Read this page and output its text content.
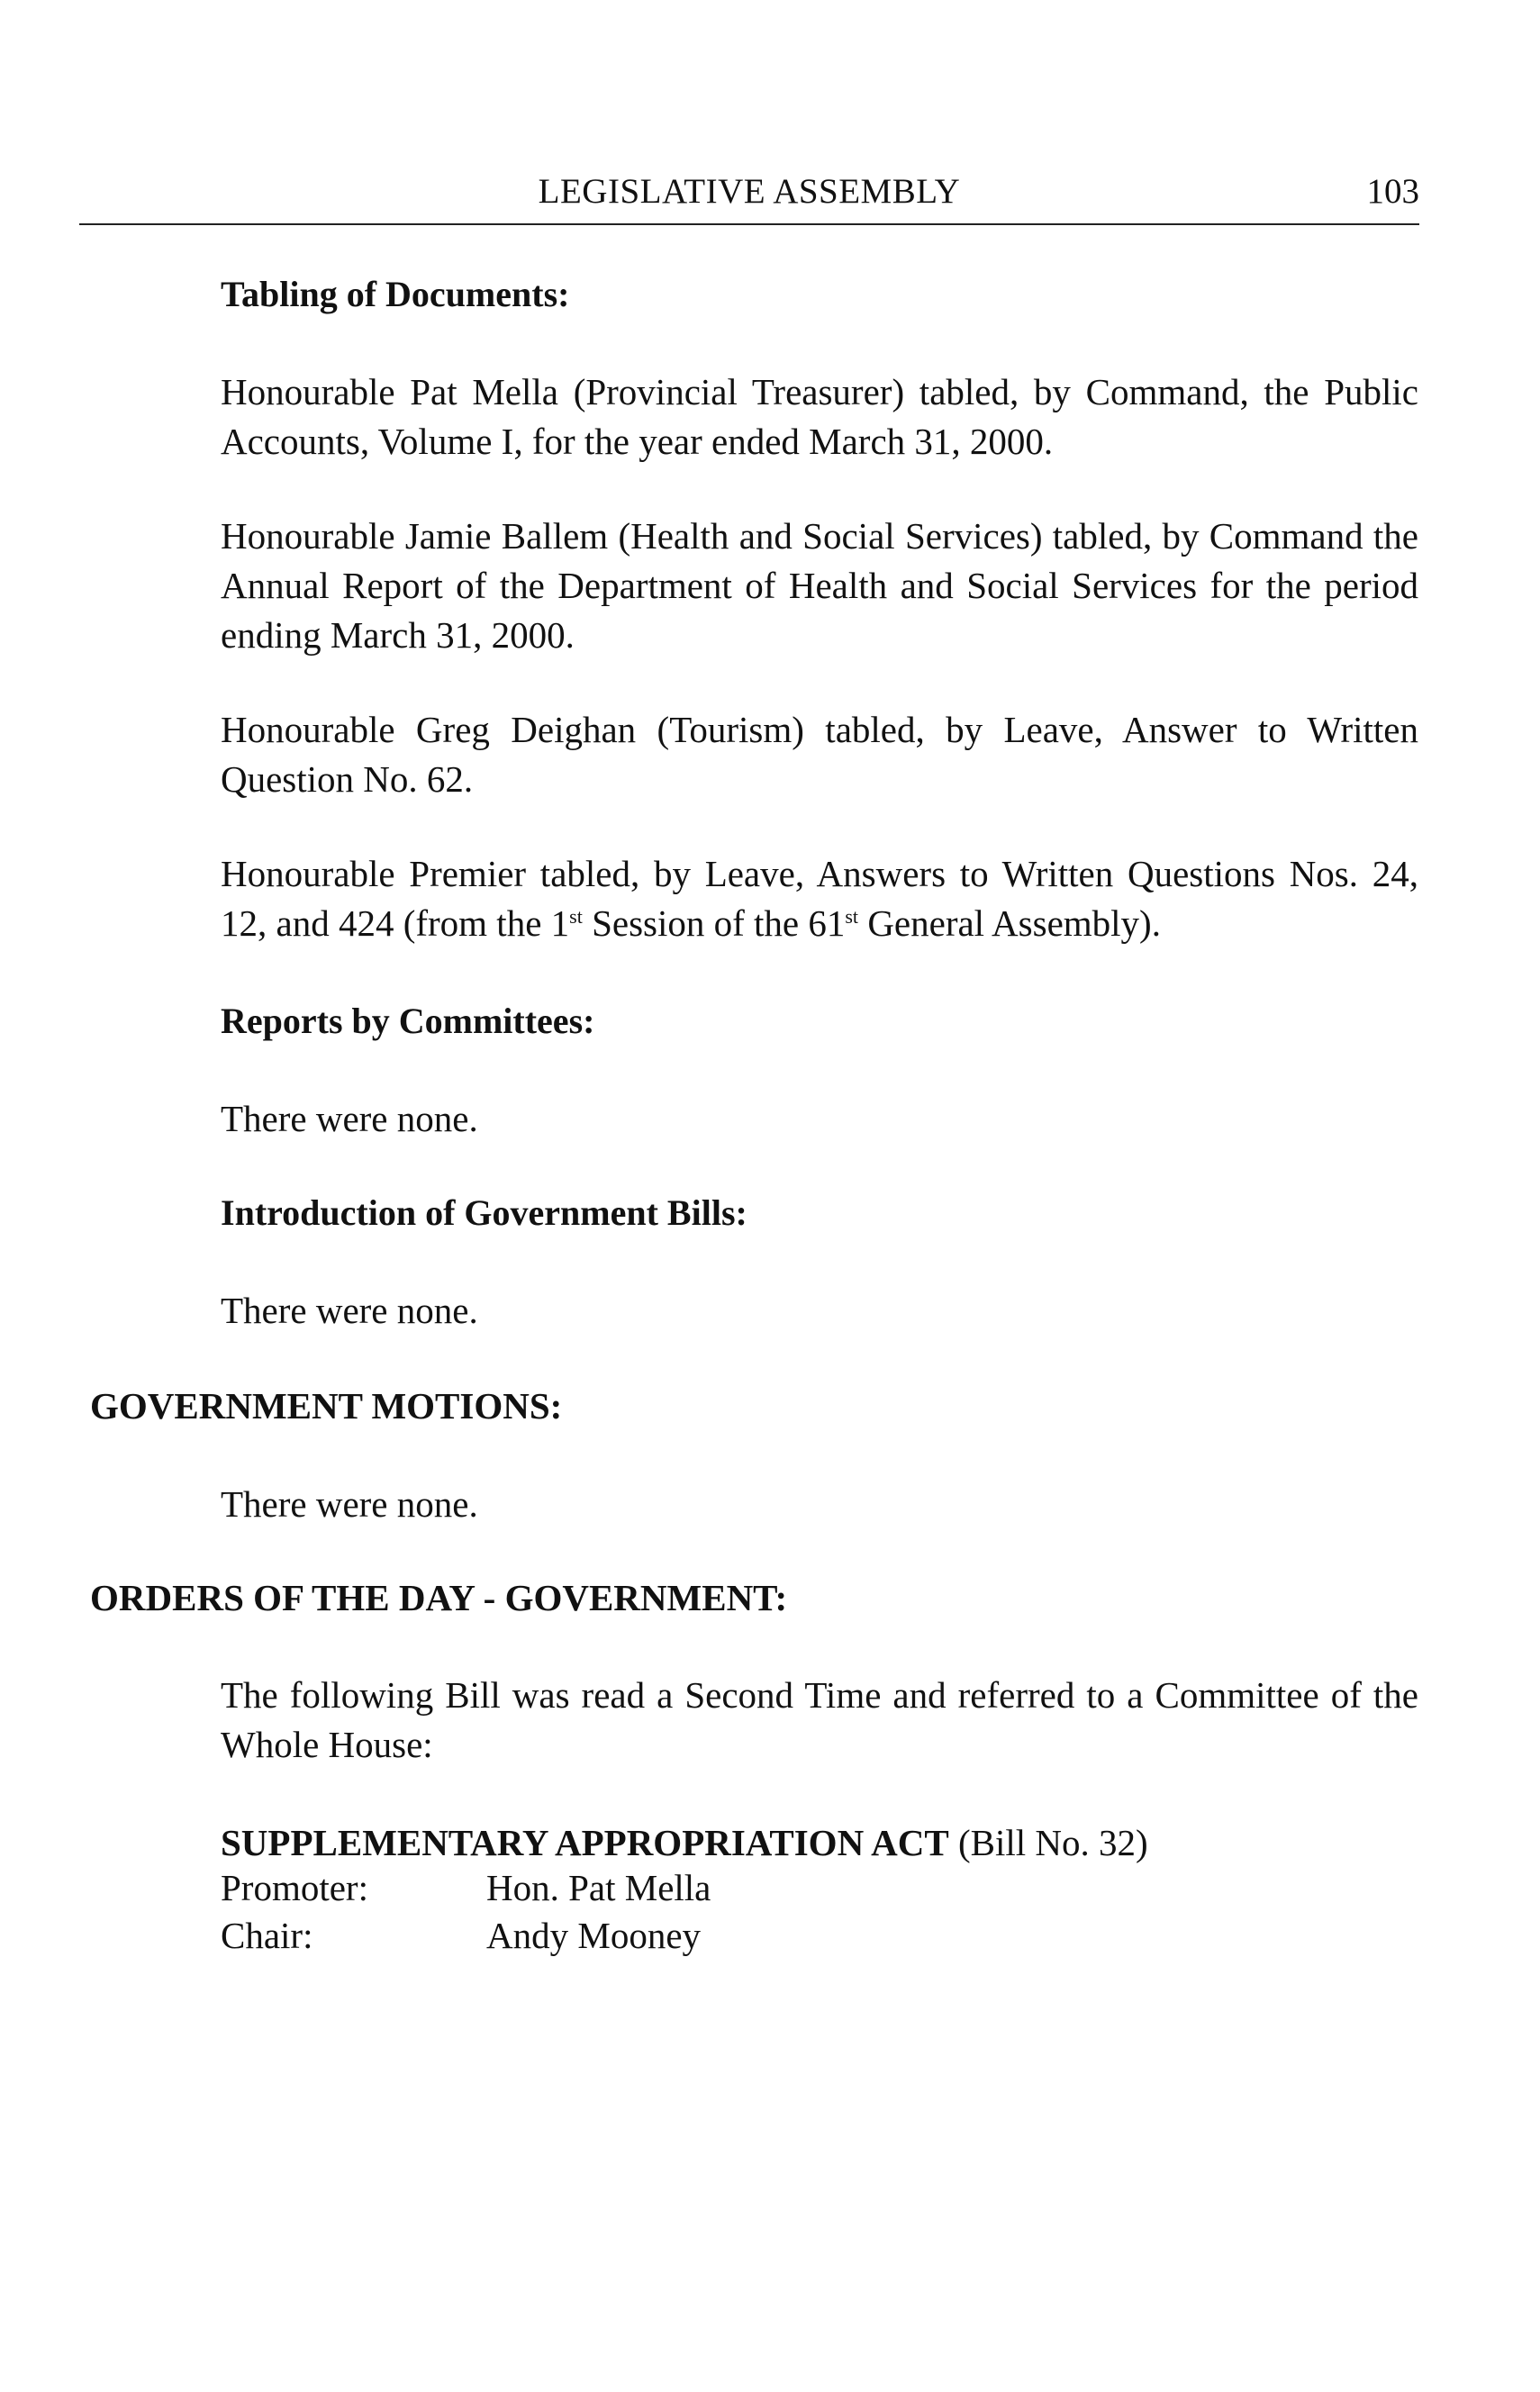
LEGISLATIVE ASSEMBLY	103
Tabling of Documents:
Honourable Pat Mella (Provincial Treasurer) tabled, by Command, the Public Accounts, Volume I, for the year ended March 31, 2000.
Honourable Jamie Ballem (Health and Social Services) tabled, by Command the Annual Report of the Department of Health and Social Services for the period ending March 31, 2000.
Honourable Greg Deighan (Tourism) tabled, by Leave, Answer to Written Question No. 62.
Honourable Premier tabled, by Leave, Answers to Written Questions Nos. 24, 12, and 424 (from the 1st Session of the 61st General Assembly).
Reports by Committees:
There were none.
Introduction of Government Bills:
There were none.
GOVERNMENT MOTIONS:
There were none.
ORDERS OF THE DAY - GOVERNMENT:
The following Bill was read a Second Time and referred to a Committee of the Whole House:
SUPPLEMENTARY APPROPRIATION ACT (Bill No. 32)
Promoter:	Hon. Pat Mella
Chair:	Andy Mooney
